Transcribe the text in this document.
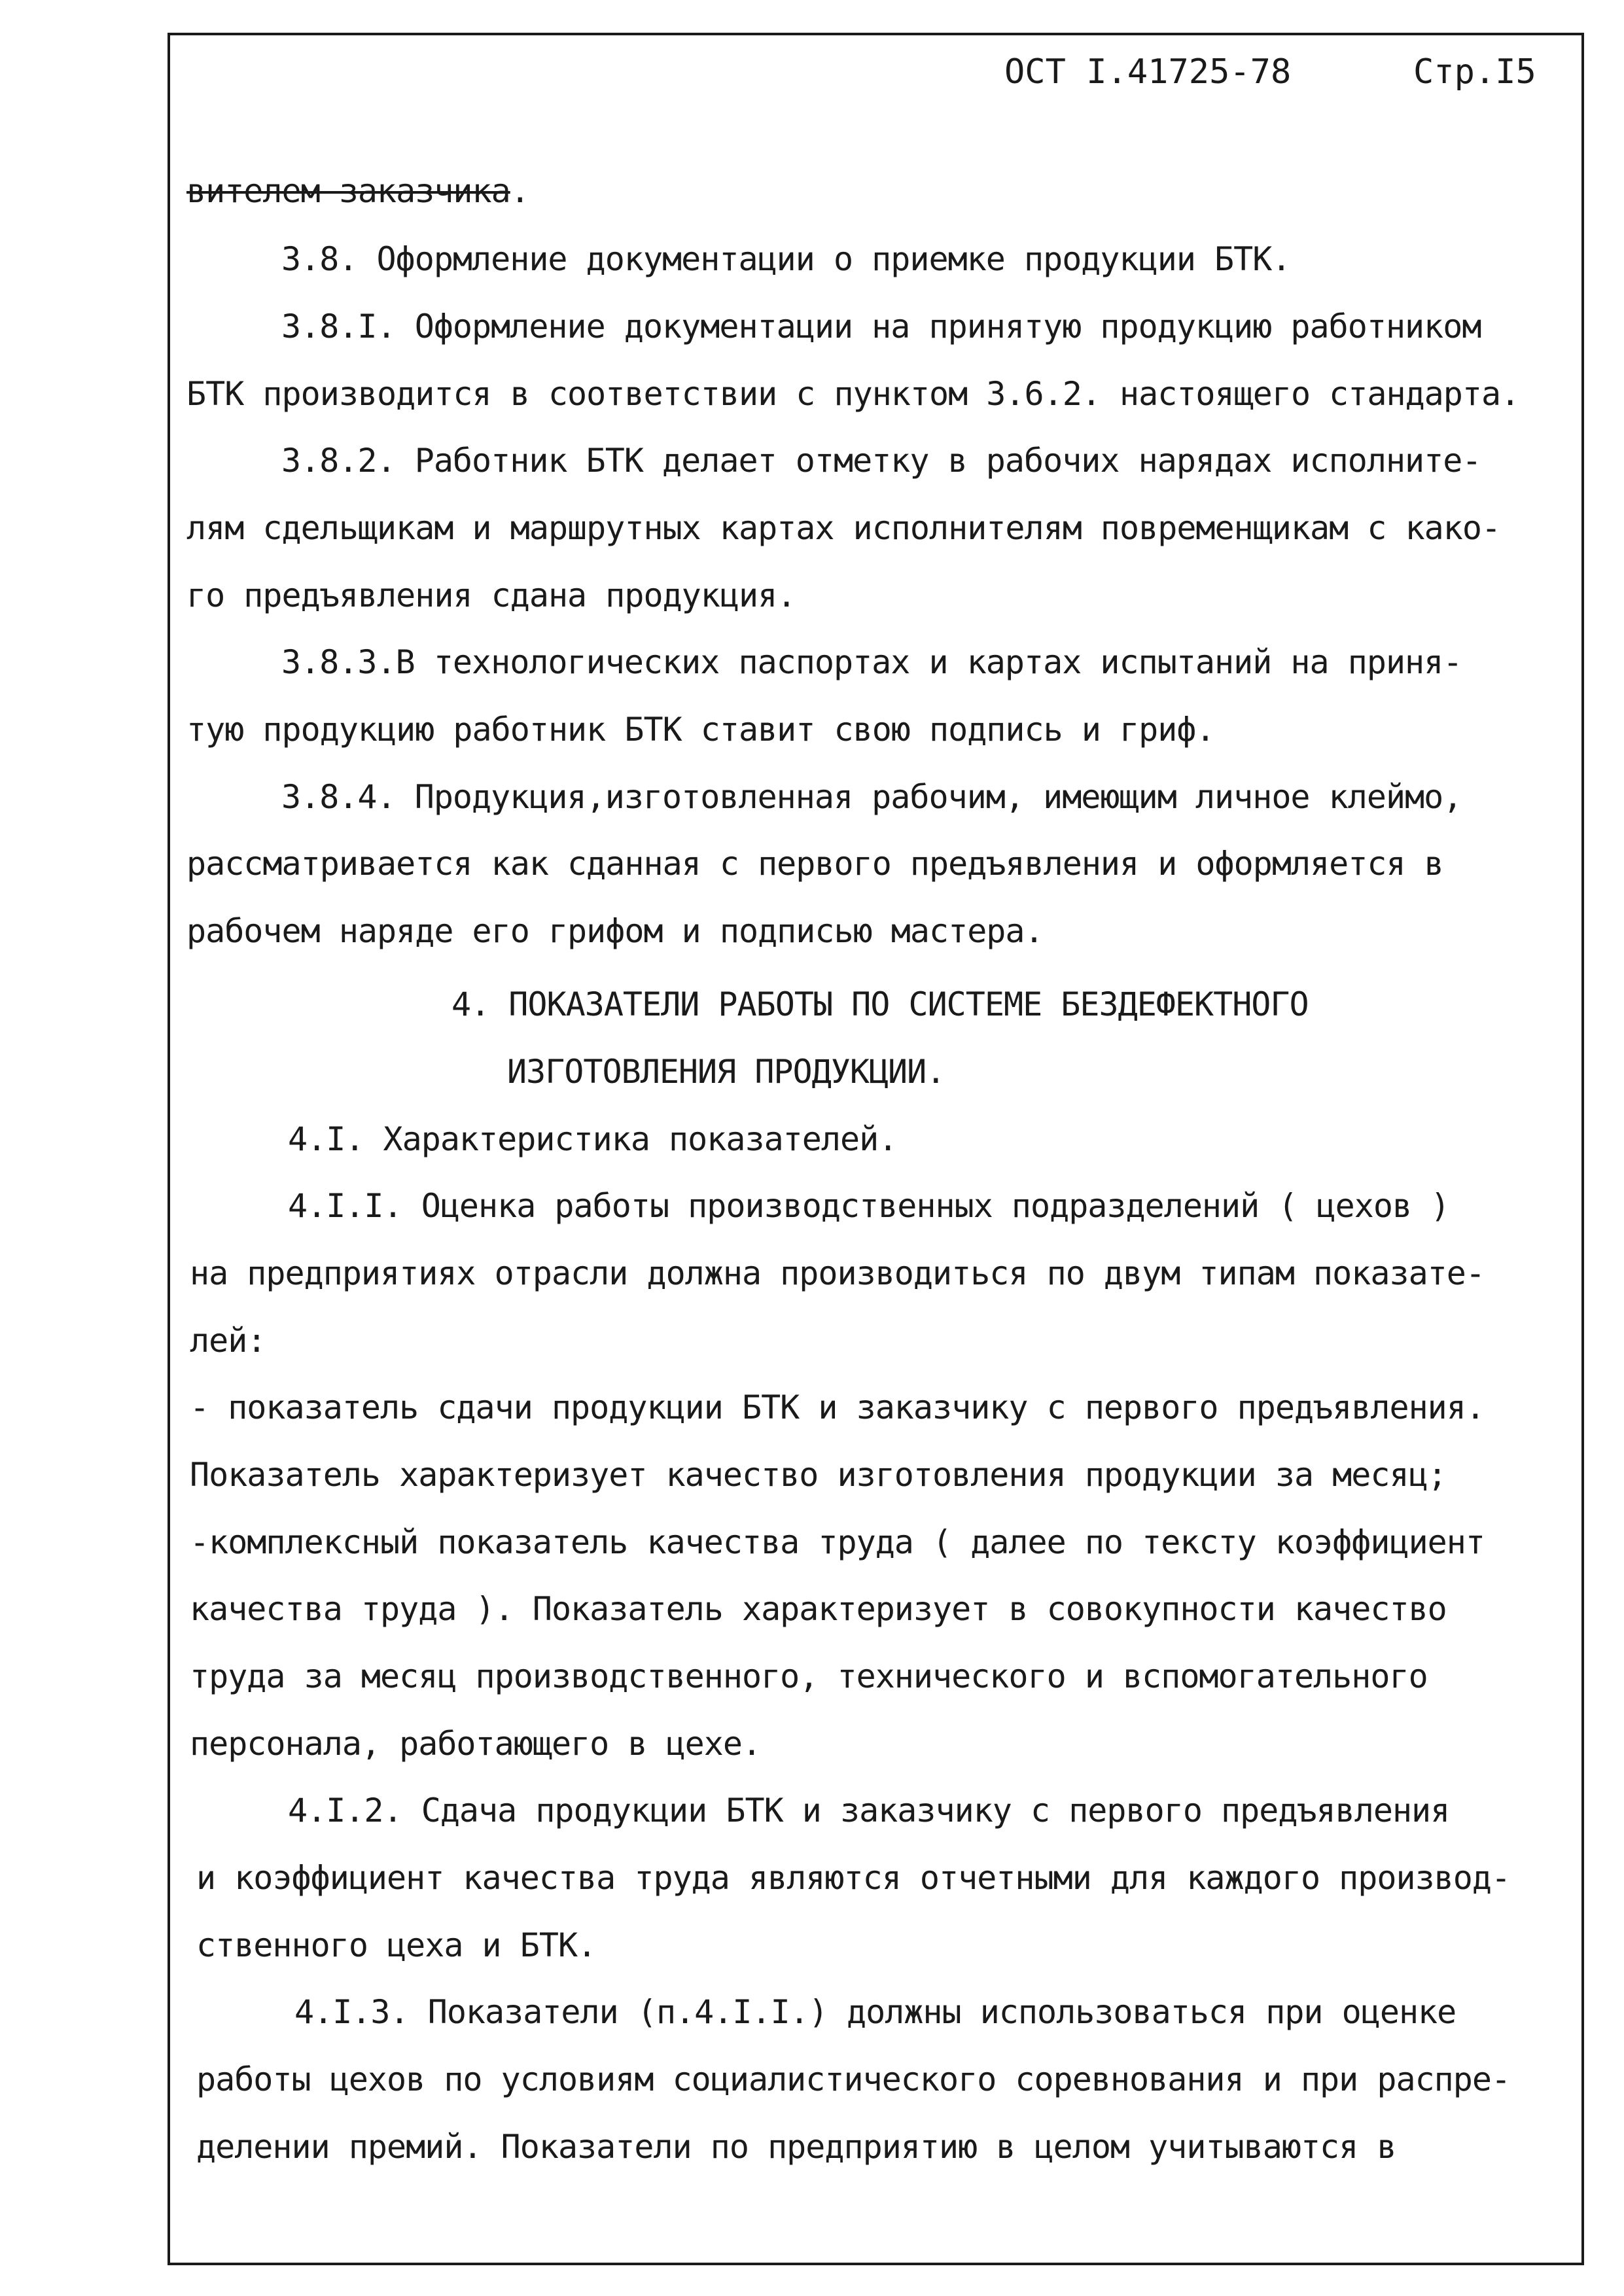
ОСТ I.41725-78	Стр.I5
вителем заказчика.
3.8. Оформление документации о приемке продукции БТК.
3.8.I. Оформление документации на принятую продукцию работником
БТК производится в соответствии с пунктом 3.6.2. настоящего стандарта.
3.8.2. Работник БТК делает отметку в рабочих нарядах исполните-
лям сдельщикам и маршрутных картах исполнителям повременщикам с како-
го предъявления сдана продукция.
3.8.3.В технологических паспортах и картах испытаний на приня-
тую продукцию работник БТК ставит свою подпись и гриф.
3.8.4. Продукция,изготовленная рабочим, имеющим личное клеймо,
рассматривается как сданная с первого предъявления и оформляется в
рабочем наряде его грифом и подписью мастера.
4. ПОКАЗАТЕЛИ РАБОТЫ ПО СИСТЕМЕ БЕЗДЕФЕКТНОГО
ИЗГОТОВЛЕНИЯ ПРОДУКЦИИ.
4.I. Характеристика показателей.
4.I.I. Оценка работы производственных подразделений ( цехов )
на предприятиях отрасли должна производиться по двум типам показате-
лей:
- показатель сдачи продукции БТК и заказчику с первого предъявления.
Показатель характеризует качество изготовления продукции за месяц;
-комплексный показатель качества труда ( далее по тексту коэффициент
качества труда ). Показатель характеризует в совокупности качество
труда за месяц производственного, технического и вспомогательного
персонала, работающего в цехе.
4.I.2. Сдача продукции БТК и заказчику с первого предъявления
и коэффициент качества труда являются отчетными для каждого производ-
ственного цеха и БТК.
4.I.3. Показатели (п.4.I.I.) должны использоваться при оценке
работы цехов по условиям социалистического соревнования и при распре-
делении премий. Показатели по предприятию в целом учитываются в
